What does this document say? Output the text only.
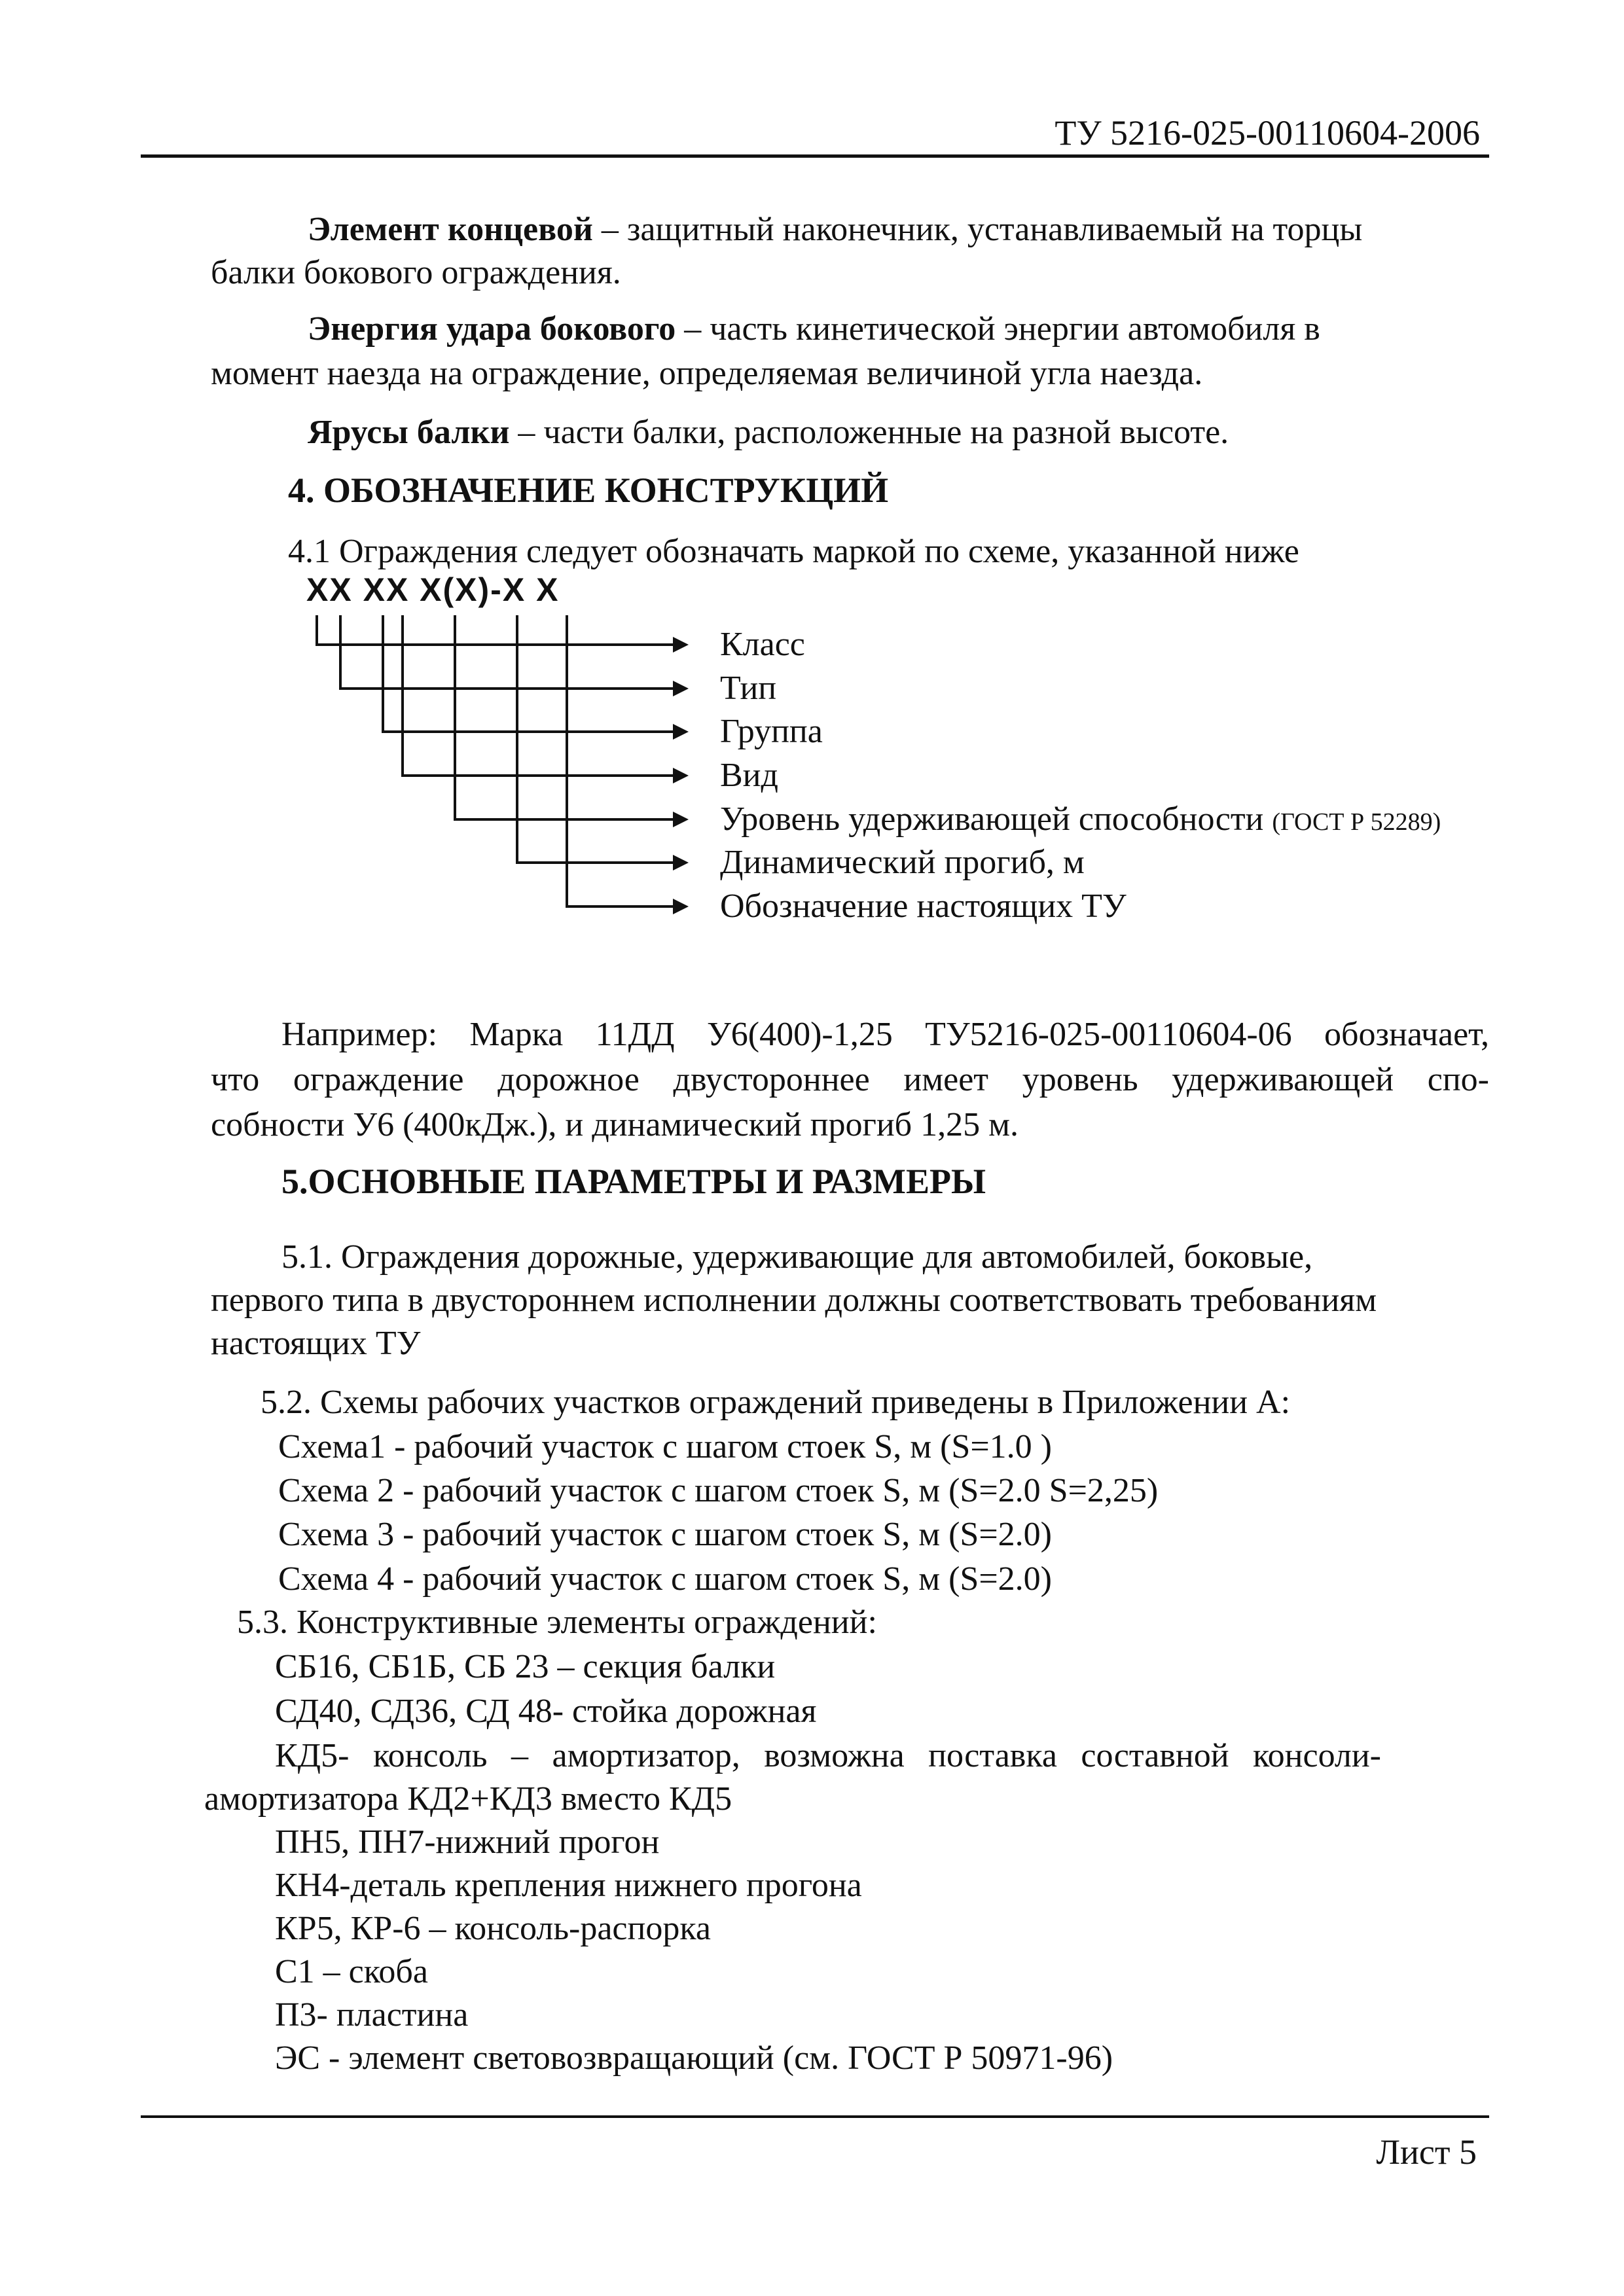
ТУ 5216-025-00110604-2006
Элемент концевой – защитный наконечник, устанавливаемый на торцы
балки бокового ограждения.
Энергия удара бокового – часть кинетической энергии автомобиля в
момент наезда на ограждение, определяемая величиной угла наезда.
Ярусы балки – части балки, расположенные на разной высоте.
4. ОБОЗНАЧЕНИЕ КОНСТРУКЦИЙ
4.1 Ограждения следует обозначать маркой по схеме, указанной ниже
XX XX X(X)-X X
Класс
Тип
Группа
Вид
Уровень удерживающей способности (ГОСТ Р 52289)
Динамический прогиб, м
Обозначение настоящих ТУ
Например: Марка 11ДД У6(400)-1,25 ТУ5216-025-00110604-06 обозначает,
что ограждение дорожное двустороннее имеет уровень удерживающей спо-
собности У6 (400кДж.), и динамический прогиб 1,25 м.
5.ОСНОВНЫЕ ПАРАМЕТРЫ И РАЗМЕРЫ
5.1. Ограждения дорожные, удерживающие для автомобилей, боковые,
первого типа в двустороннем исполнении должны соответствовать требованиям
настоящих ТУ
5.2. Схемы рабочих участков ограждений приведены в Приложении А:
Схема1 - рабочий участок с шагом стоек S, м (S=1.0 )
Схема 2 - рабочий участок с шагом стоек S, м (S=2.0 S=2,25)
Схема 3 - рабочий участок с шагом стоек S, м (S=2.0)
Схема 4 - рабочий участок с шагом стоек S, м (S=2.0)
5.3. Конструктивные элементы ограждений:
СБ16, СБ1Б, СБ 23 – секция балки
СД40, СД36, СД 48- стойка дорожная
КД5- консоль – амортизатор, возможна поставка составной консоли-
амортизатора КД2+КД3 вместо КД5
ПН5, ПН7-нижний прогон
КН4-деталь крепления нижнего прогона
КР5, КР-6 – консоль-распорка
С1 – скоба
П3- пластина
ЭС - элемент световозвращающий (см. ГОСТ Р 50971-96)
Лист 5
